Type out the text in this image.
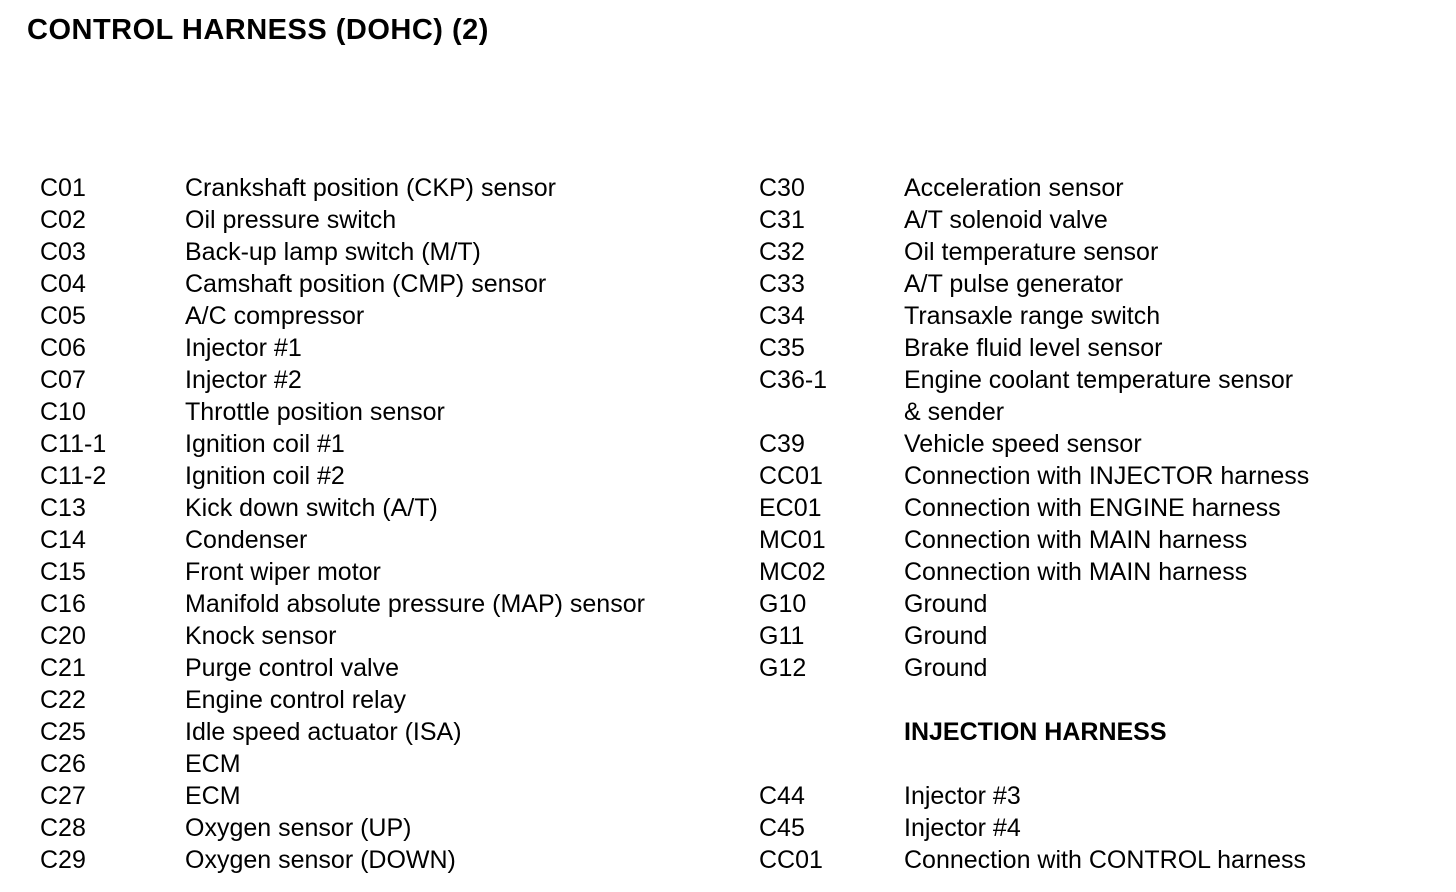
CONTROL HARNESS (DOHC) (2)
C01	Crankshaft position (CKP) sensor
C02	Oil pressure switch
C03	Back-up lamp switch (M/T)
C04	Camshaft position (CMP) sensor
C05	A/C compressor
C06	Injector #1
C07	Injector #2
C10	Throttle position sensor
C11-1	Ignition coil #1
C11-2	Ignition coil #2
C13	Kick down switch (A/T)
C14	Condenser
C15	Front wiper motor
C16	Manifold absolute pressure (MAP) sensor
C20	Knock sensor
C21	Purge control valve
C22	Engine control relay
C25	Idle speed actuator (ISA)
C26	ECM
C27	ECM
C28	Oxygen sensor (UP)
C29	Oxygen sensor (DOWN)
C30	Acceleration sensor
C31	A/T solenoid valve
C32	Oil temperature sensor
C33	A/T pulse generator
C34	Transaxle range switch
C35	Brake fluid level sensor
C36-1	Engine coolant temperature sensor
& sender
C39	Vehicle speed sensor
CC01	Connection with INJECTOR harness
EC01	Connection with ENGINE harness
MC01	Connection with MAIN harness
MC02	Connection with MAIN harness
G10	Ground
G11	Ground
G12	Ground
INJECTION HARNESS
C44	Injector #3
C45	Injector #4
CC01	Connection with CONTROL harness
